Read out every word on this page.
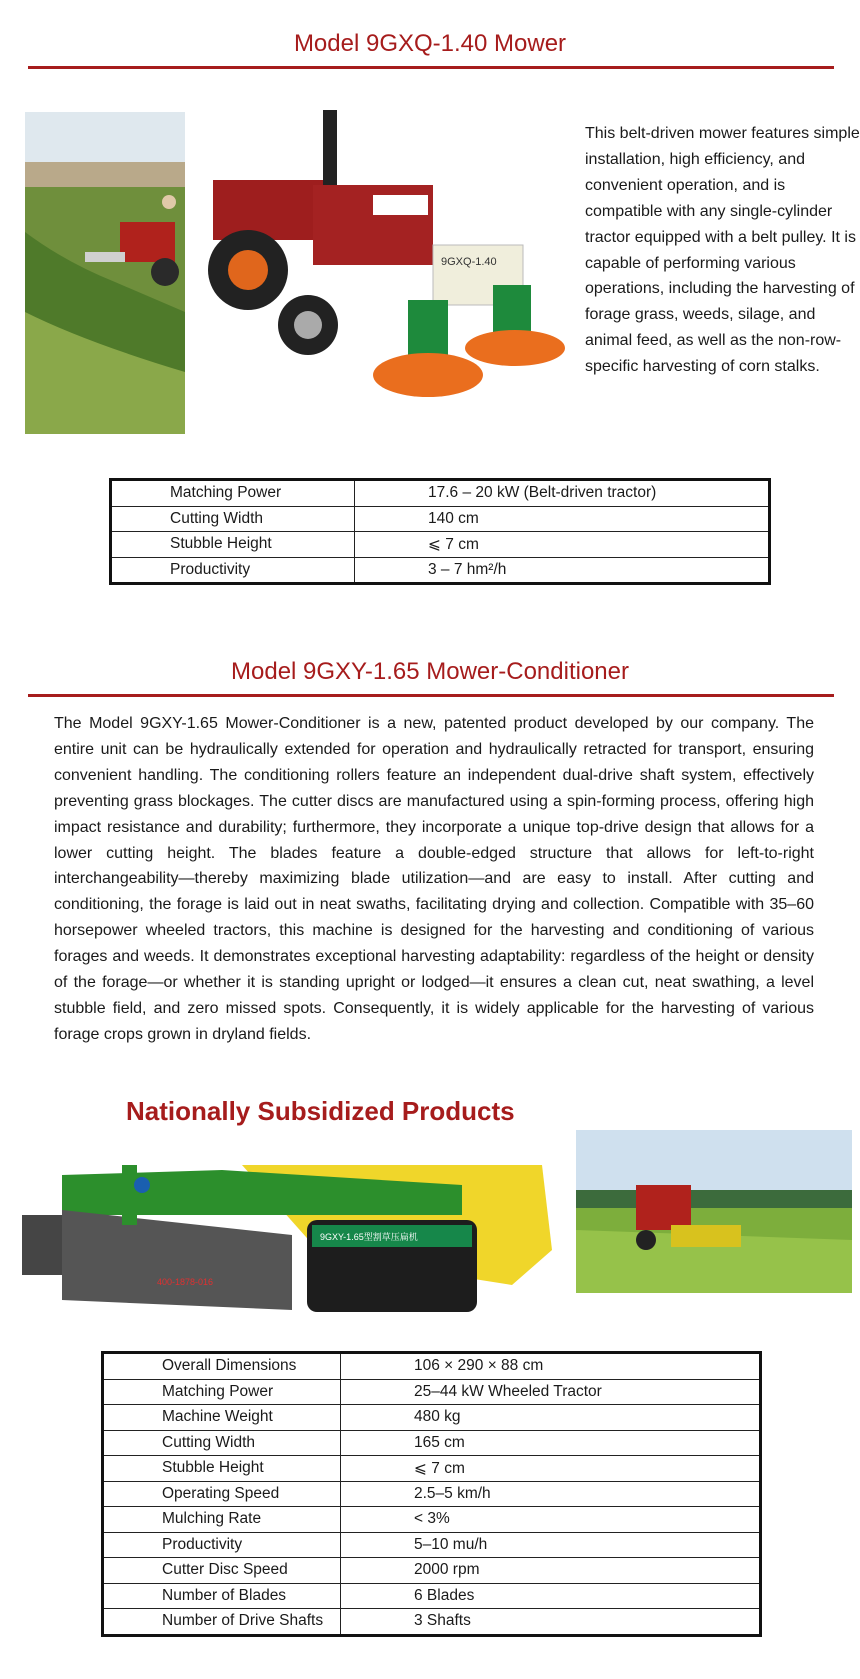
Model 9GXQ-1.40 Mower
9GXQ-1.40

This belt-driven mower features simple installation, high efficiency, and convenient operation, and is compatible with any single-cylinder tractor equipped with a belt pulley. It is capable of performing various operations, including the harvesting of forage grass, weeds, silage, and animal feed, as well as the non-row-specific harvesting of corn stalks.

Matching Power	17.6 – 20 kW (Belt-driven tractor)
Cutting Width	140 cm
Stubble Height	⩽ 7 cm
Productivity	3 – 7 hm²/h
Model 9GXY-1.65 Mower-Conditioner

The Model 9GXY-1.65 Mower-Conditioner is a new, patented product developed by our company. The entire unit can be hydraulically extended for operation and hydraulically retracted for transport, ensuring convenient handling. The conditioning rollers feature an independent dual-drive shaft system, effectively preventing grass blockages. The cutter discs are manufactured using a spin-forming process, offering high impact resistance and durability; furthermore, they incorporate a unique top-drive design that allows for a lower cutting height. The blades feature a double-edged structure that allows for left-to-right interchangeability—thereby maximizing blade utilization—and are easy to install. After cutting and conditioning, the forage is laid out in neat swaths, facilitating drying and collection. Compatible with 35–60 horsepower wheeled tractors, this machine is designed for the harvesting and conditioning of various forages and weeds. It demonstrates exceptional harvesting adaptability: regardless of the height or density of the forage—or whether it is standing upright or lodged—it ensures a clean cut, neat swathing, a level stubble field, and zero missed spots. Consequently, it is widely applicable for the harvesting of various forage crops grown in dryland fields.

Nationally Subsidized Products
9GXY-1.65型割草压扁机
400-1878-016
Overall Dimensions	106 × 290 × 88 cm
Matching Power	25–44 kW Wheeled Tractor
Machine Weight	480 kg
Cutting Width	165 cm
Stubble Height	⩽ 7 cm
Operating Speed	2.5–5 km/h
Mulching Rate	< 3%
Productivity	5–10 mu/h
Cutter Disc Speed	2000 rpm
Number of Blades	6 Blades
Number of Drive Shafts	3 Shafts
